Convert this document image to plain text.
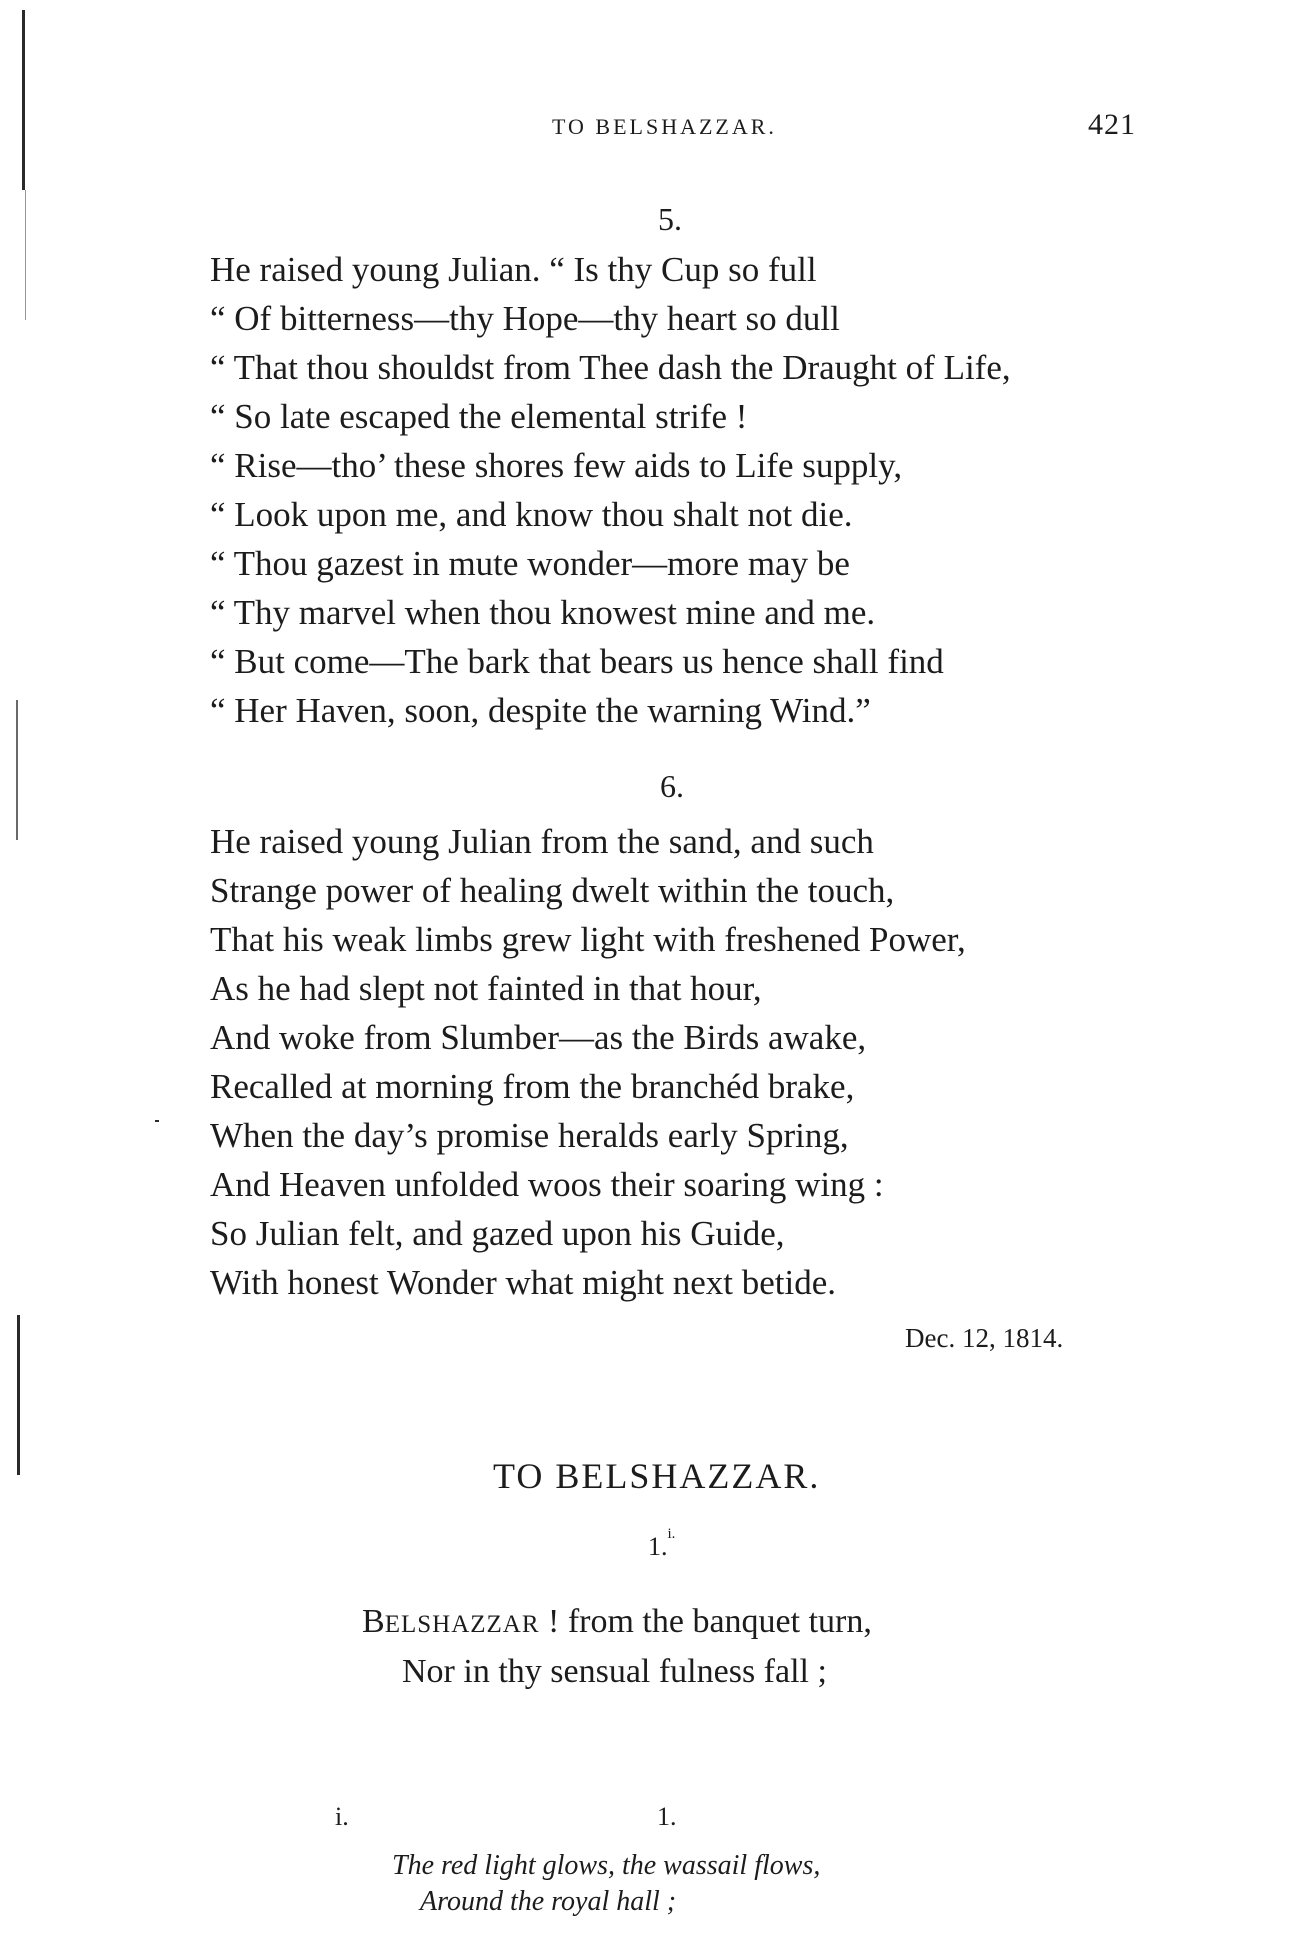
TO BELSHAZZAR.	421
5.
He raised young Julian. “ Is thy Cup so full
“ Of bitterness—thy Hope—thy heart so dull
“ That thou shouldst from Thee dash the Draught of Life,
“ So late escaped the elemental strife !
“ Rise—tho’ these shores few aids to Life supply,
“ Look upon me, and know thou shalt not die.
“ Thou gazest in mute wonder—more may be
“ Thy marvel when thou knowest mine and me.
“ But come—The bark that bears us hence shall find
“ Her Haven, soon, despite the warning Wind.”
6.
He raised young Julian from the sand, and such
Strange power of healing dwelt within the touch,
That his weak limbs grew light with freshened Power,
As he had slept not fainted in that hour,
And woke from Slumber—as the Birds awake,
Recalled at morning from the branchéd brake,
When the day’s promise heralds early Spring,
And Heaven unfolded woos their soaring wing :
So Julian felt, and gazed upon his Guide,
With honest Wonder what might next betide.
Dec. 12, 1814.
TO BELSHAZZAR.
1.$^{i.}$
BELSHAZZAR ! from the banquet turn,
Nor in thy sensual fulness fall ;
i.	1.
The red light glows, the wassail flows,
Around the royal hall ;
